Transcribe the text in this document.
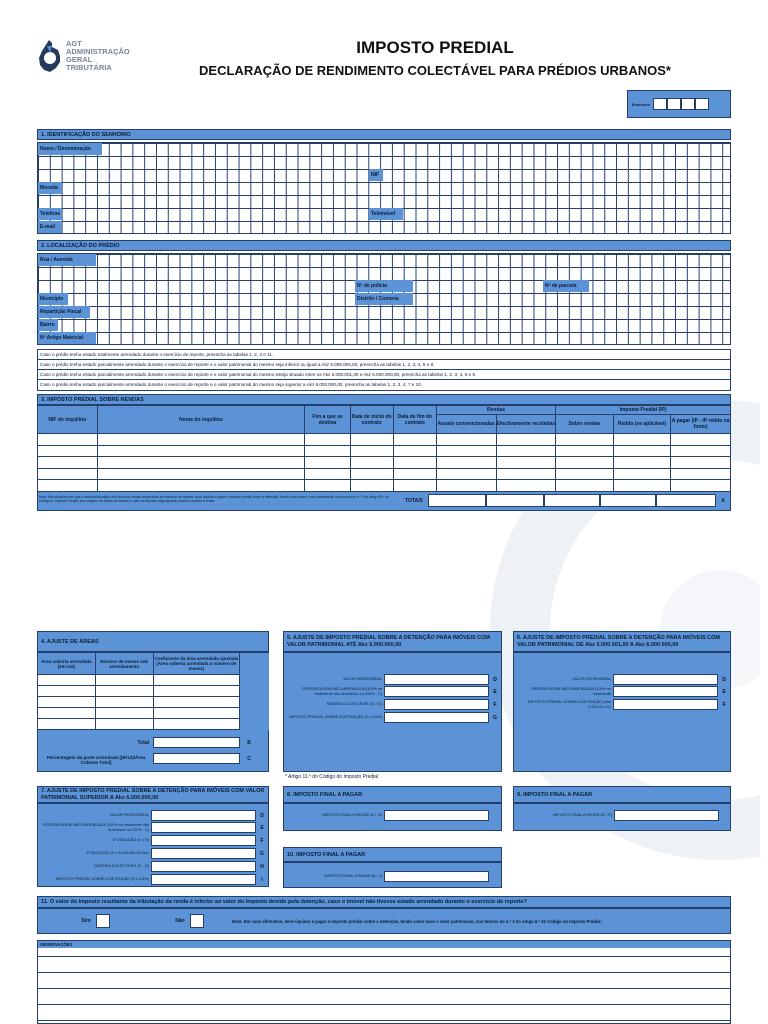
AGT
ADMINISTRAÇÃO
GERAL
TRIBUTÁRIA
IMPOSTO PREDIAL
DECLARAÇÃO DE RENDIMENTO COLECTÁVEL PARA PRÉDIOS URBANOS*
Exercício
1. IDENTIFICAÇÃO DO SENHORIO
Nome / Denominação
NIF
Morada
Telefone	Telemóvel
E-mail
2. LOCALIZAÇÃO DO PRÉDIO
Rua / Avenida
Nº de polícia	Nº de parcela
Município	Distrito / Comuna
Repartição Fiscal
Bairro
Nº Artigo Matricial
Caso o prédio tenha estado totalmente arrendado durante o exercício de reporte, preencha as tabelas 1, 2, 3 e 11.
Caso o prédio tenha estado parcialmente arrendado durante o exercício de reporte e o valor patrimonial do mesmo seja inferior ou igual a Akz 5.000.000,00, preencha as tabelas 1, 2, 3, 4, 5 e 8.
Caso o prédio tenha estado parcialmente arrendado durante o exercício de reporte e o valor patrimonial do mesmo esteja situado entre os Akz 5.000.001,00 e Akz 6.000.000,00, preencha as tabelas 1, 2, 3, 4, 6 e 9.
Caso o prédio tenha estado parcialmente arrendado durante o exercício de reporte e o valor patrimonial do mesmo seja superior a Akz 6.000.000,00, preencha as tabelas 1, 2, 3, 4, 7 e 10.
3. IMPOSTO PREDIAL SOBRE RENDAS
NIF do inquilino	Nome do inquilino	Fim a que se destina	Data de início do contrato	Data de fim do contrato	Rendas		Imposto Predial (IP)		
					Anuais convencionadas	Efectivamente recebidas	Sobre rendas	Retido (se aplicável)	A pagar (IP - IP retido na fonte)

Nota: Nas situações em que o senhorio/locatário não tenha as rendas respectivas ao exercício de reporte, deve liquidar e pagar o imposto predial sobre a detenção, tendo como base o valor patrimonial, nos termos do n.º 3 do artigo 35.º do Código do Imposto Predial, sem prejuízo do direito de deduzir o valor do imposto pago quando venha a receber a renda.	TOTAIS	A
4. AJUSTE DE ÁREAS
Área coberta arrendada (em m2)	Número de meses sob arrendamento	Coeficiente da área arrendada ajustada (Área coberta arrendada x número de meses)	

Total	B
Percentagem da parte arrendada [(B/12)/Área Coberta Total]
C
5. AJUSTE DE IMPOSTO PREDIAL SOBRE A DETENÇÃO PARA IMÓVEIS COM VALOR PATRIMONIAL ATÉ Akz 5.000.000,00
VALOR PATRIMONIAL	D
PERCENTAGEM NÃO ARRENDADA (100% se totalmente não arrendado ou 100% - C)	E
MATÉRIA COLECTÁVEL (D x E)	F
IMPOSTO PREDIAL SOBRE A DETENÇÃO (F x 0,5%)	G
* Artigo 11.º do Código do Imposto Predial
6. AJUSTE DE IMPOSTO PREDIAL SOBRE A DETENÇÃO PARA IMÓVEIS COM VALOR PATRIMONIAL DE Akz 5.000.001,00 A Akz 6.000.000,00
VALOR PATRIMONIAL	D
PERCENTAGEM NÃO ARRENDADA (100% se totalmente	E
IMPOSTO PREDIAL SOBRE A DETENÇÃO (Akz 5.000,00 x E)	F
7. AJUSTE DE IMPOSTO PREDIAL SOBRE A DETENÇÃO PARA IMÓVEIS COM VALOR PATRIMONIAL SUPERIOR A Akz 6.000.000,00
VALOR PATRIMONIAL	D
PERCENTAGEM NÃO ARRENDADA (100% se totalmente não arrendado ou 100% - C)	E
1ª DEDUÇÃO (D x E)	F
2ª DEDUÇÃO (F x 5.000.000,00 Akz)	G
MATÉRIA COLECTÁVEL (F - G)	H
IMPOSTO PREDIAL SOBRE A DETENÇÃO (H x 0,5%)	I
8. IMPOSTO FINAL A PAGAR
IMPOSTO FINAL A PAGAR (A + G)
9. IMPOSTO FINAL A PAGAR
IMPOSTO FINAL A PAGAR (A + F)
10. IMPOSTO FINAL A PAGAR
IMPOSTO FINAL A PAGAR (A + I)
11. O valor do imposto resultante da tributação da renda é inferior ao valor do imposto devido pela detenção, caso o imóvel não tivesse estado arrendado durante o exercício de reporte?
Sim	Não	Nota: Em caso afirmativo, deve liquidar e pagar o imposto predial sobre a detenção, tendo como base o valor patrimonial, nos termos do n.º 3 do artigo 6.º do Código do Imposto Predial.
OBSERVAÇÕES
